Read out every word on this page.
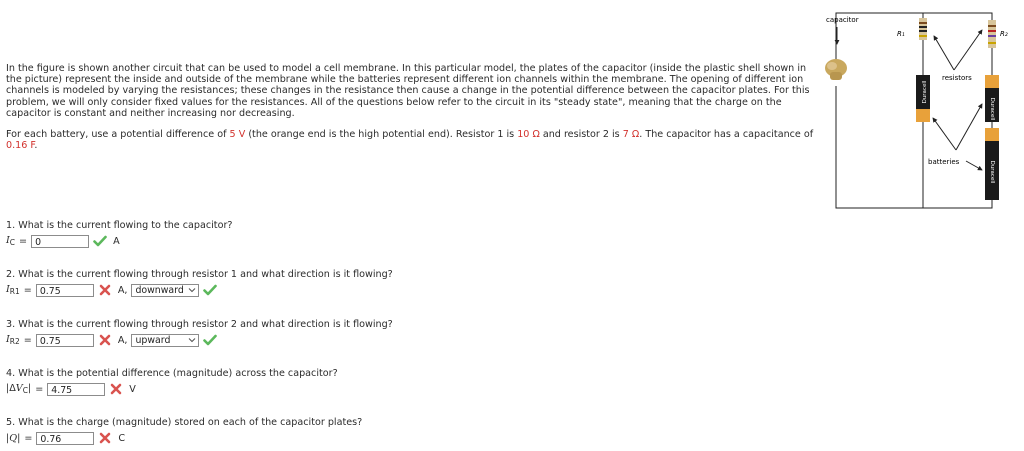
In the figure is shown another circuit that can be used to model a cell membrane. In this particular model, the plates of the capacitor (inside the plastic shell shown in the picture) represent the inside and outside of the membrane while the batteries represent different ion channels within the membrane. The opening of different ion channels is modeled by varying the resistances; these changes in the resistance then cause a change in the potential difference between the capacitor plates. For this problem, we will only consider fixed values for the resistances. All of the questions below refer to the circuit in its "steady state", meaning that the charge on the capacitor is constant and neither increasing nor decreasing.

For each battery, use a potential difference of 5 V (the orange end is the high potential end). Resistor 1 is 10 Ω and resistor 2 is 7 Ω. The capacitor has a capacitance of 0.16 F.

1. What is the current flowing to the capacitor?
$I_C = 0$	A
2. What is the current flowing through resistor 1 and what direction is it flowing?
$I_{R1} = 0.75$	A, downward
3. What is the current flowing through resistor 2 and what direction is it flowing?
$I_{R2} = 0.75$	A, upward
4. What is the potential difference (magnitude) across the capacitor?
$|\Delta V_C| = 4.75$	V
5. What is the charge (magnitude) stored on each of the capacitor plates?
|Q| = 0.76	C
capacitor
R₁	R₂
resistors
Duracell
Duracell
Duracell
batteries
